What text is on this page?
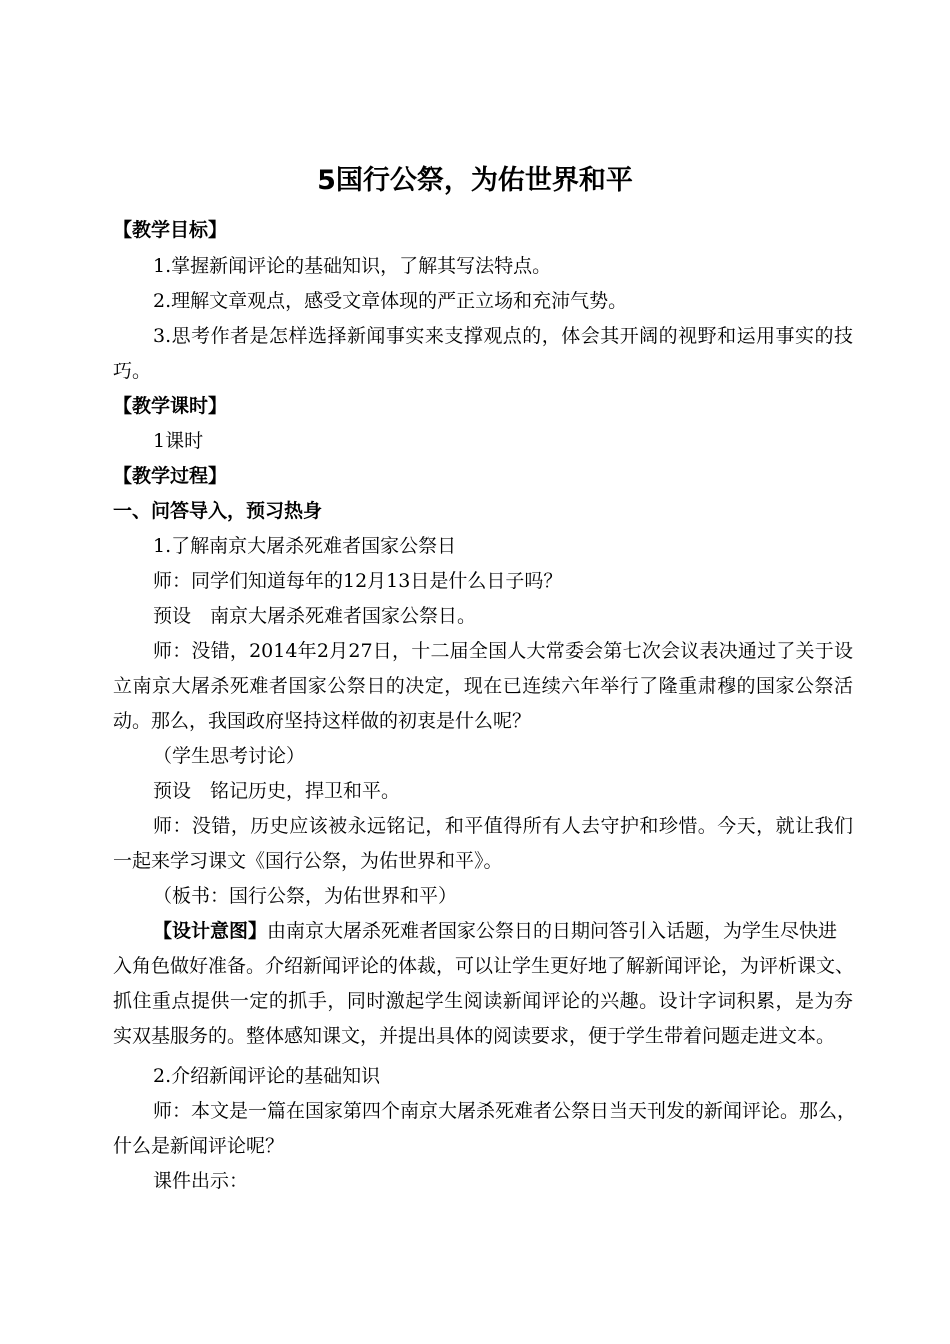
5国行公祭，为佑世界和平
【教学目标】
1.掌握新闻评论的基础知识，了解其写法特点。
2.理解文章观点，感受文章体现的严正立场和充沛气势。
3.思考作者是怎样选择新闻事实来支撑观点的，体会其开阔的视野和运用事实的技
巧。
【教学课时】
1课时
【教学过程】
一、问答导入，预习热身
1.了解南京大屠杀死难者国家公祭日
师：同学们知道每年的12月13日是什么日子吗？
预设　南京大屠杀死难者国家公祭日。
师：没错，2014年2月27日，十二届全国人大常委会第七次会议表决通过了关于设
立南京大屠杀死难者国家公祭日的决定，现在已连续六年举行了隆重肃穆的国家公祭活
动。那么，我国政府坚持这样做的初衷是什么呢？
（学生思考讨论）
预设　铭记历史，捍卫和平。
师：没错，历史应该被永远铭记，和平值得所有人去守护和珍惜。今天，就让我们
一起来学习课文《国行公祭，为佑世界和平》。
（板书：国行公祭，为佑世界和平）
【设计意图】由南京大屠杀死难者国家公祭日的日期问答引入话题，为学生尽快进
入角色做好准备。介绍新闻评论的体裁，可以让学生更好地了解新闻评论，为评析课文、
抓住重点提供一定的抓手，同时激起学生阅读新闻评论的兴趣。设计字词积累，是为夯
实双基服务的。整体感知课文，并提出具体的阅读要求，便于学生带着问题走进文本。
2.介绍新闻评论的基础知识
师：本文是一篇在国家第四个南京大屠杀死难者公祭日当天刊发的新闻评论。那么，
什么是新闻评论呢？
课件出示：
